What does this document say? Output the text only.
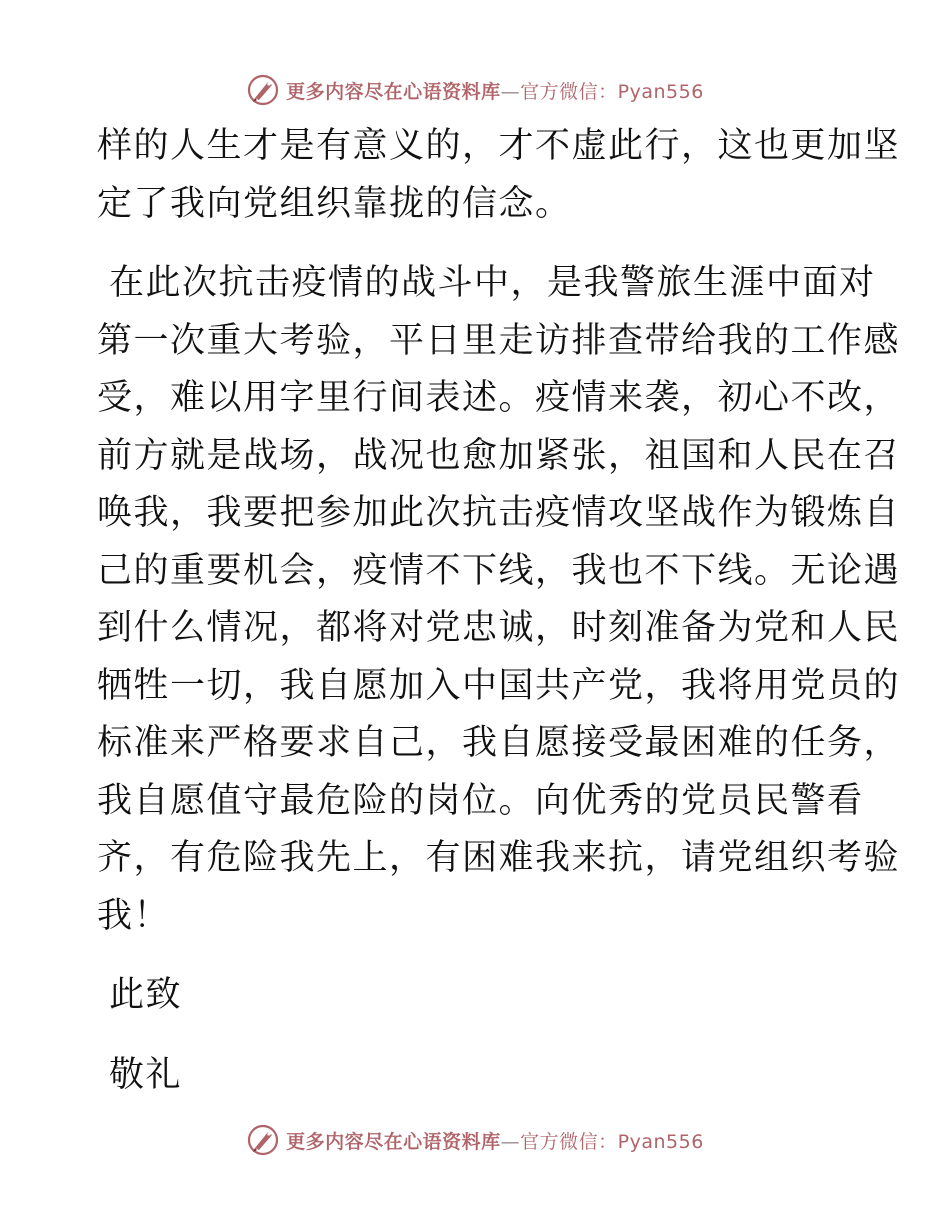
更多内容尽在心语资料库—官方微信：Pyan556

样的人生才是有意义的，才不虚此行，这也更加坚
定了我向党组织靠拢的信念。

在此次抗击疫情的战斗中，是我警旅生涯中面对
第一次重大考验，平日里走访排查带给我的工作感
受，难以用字里行间表述。疫情来袭，初心不改，
前方就是战场，战况也愈加紧张，祖国和人民在召
唤我，我要把参加此次抗击疫情攻坚战作为锻炼自
己的重要机会，疫情不下线，我也不下线。无论遇
到什么情况，都将对党忠诚，时刻准备为党和人民
牺牲一切，我自愿加入中国共产党，我将用党员的
标准来严格要求自己，我自愿接受最困难的任务，
我自愿值守最危险的岗位。向优秀的党员民警看
齐，有危险我先上，有困难我来抗，请党组织考验
我！

此致

敬礼

更多内容尽在心语资料库—官方微信：Pyan556
